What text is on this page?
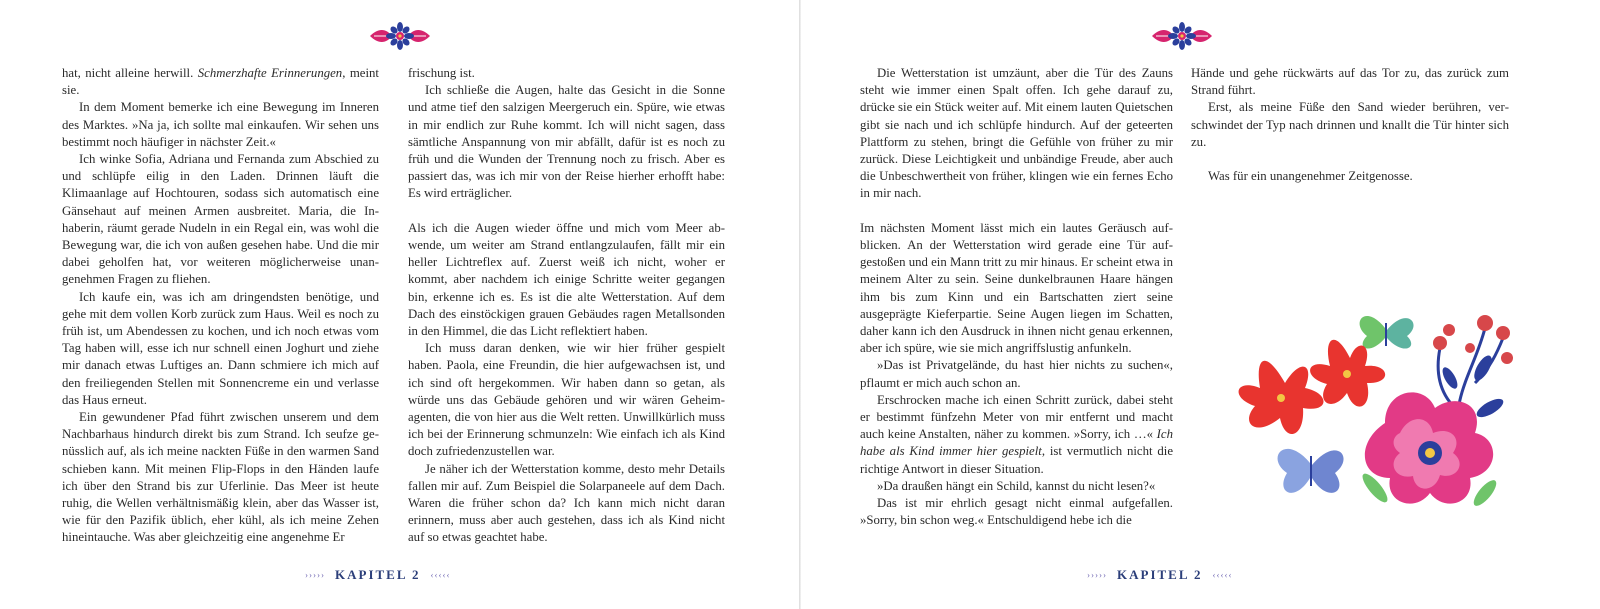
hat, nicht alleine herwill. Schmerzhafte Erinnerungen, meint sie.

In dem Moment bemerke ich eine Bewegung im Inneren des Marktes. »Na ja, ich sollte mal einkaufen. Wir sehen uns bestimmt noch häufiger in nächster Zeit.«

Ich winke Sofia, Adriana und Fernanda zum Abschied zu und schlüpfe eilig in den Laden. Drinnen läuft die Klimaanlage auf Hochtouren, sodass sich automatisch eine Gänsehaut auf meinen Armen ausbreitet. Maria, die Inhaberin, räumt gerade Nudeln in ein Regal ein, was wohl die Bewegung war, die ich von außen gesehen habe. Und die mir dabei geholfen hat, vor weiteren möglicherweise unangenehmen Fragen zu fliehen.

Ich kaufe ein, was ich am dringendsten benötige, und gehe mit dem vollen Korb zurück zum Haus. Weil es noch zu früh ist, um Abendessen zu kochen, und ich noch etwas vom Tag haben will, esse ich nur schnell einen Joghurt und ziehe mir danach etwas Luftiges an. Dann schmiere ich mich auf den freiliegenden Stellen mit Sonnencreme ein und verlasse das Haus erneut.

Ein gewundener Pfad führt zwischen unserem und dem Nachbarhaus hindurch direkt bis zum Strand. Ich seufze genüsslich auf, als ich meine nackten Füße in den warmen Sand schieben kann. Mit meinen Flip-Flops in den Händen laufe ich über den Strand bis zur Uferlinie. Das Meer ist heute ruhig, die Wellen verhältnismäßig klein, aber das Wasser ist, wie für den Pazifik üblich, eher kühl, als ich meine Zehen hineintauche. Was aber gleichzeitig eine angenehme Er

frischung ist.

Ich schließe die Augen, halte das Gesicht in die Sonne und atme tief den salzigen Meergeruch ein. Spüre, wie etwas in mir endlich zur Ruhe kommt. Ich will nicht sagen, dass sämtliche Anspannung von mir abfällt, dafür ist es noch zu früh und die Wunden der Trennung noch zu frisch. Aber es passiert das, was ich mir von der Reise hierher erhofft habe: Es wird erträglicher.

Als ich die Augen wieder öffne und mich vom Meer abwende, um weiter am Strand entlangzulaufen, fällt mir ein heller Lichtreflex auf. Zuerst weiß ich nicht, woher er kommt, aber nachdem ich einige Schritte weiter gegangen bin, erkenne ich es. Es ist die alte Wetterstation. Auf dem Dach des einstöckigen grauen Gebäudes ragen Metallsonden in den Himmel, die das Licht reflektiert haben.

Ich muss daran denken, wie wir hier früher gespielt haben. Paola, eine Freundin, die hier aufgewachsen ist, und ich sind oft hergekommen. Wir haben dann so getan, als würde uns das Gebäude gehören und wir wären Geheimagenten, die von hier aus die Welt retten. Unwillkürlich muss ich bei der Erinnerung schmunzeln: Wie einfach ich als Kind doch zufriedenzustellen war.

Je näher ich der Wetterstation komme, desto mehr Details fallen mir auf. Zum Beispiel die Solarpaneele auf dem Dach. Waren die früher schon da? Ich kann mich nicht daran erinnern, muss aber auch gestehen, dass ich als Kind nicht auf so etwas geachtet habe.

››››› KAPITEL 2 ‹‹‹‹‹

Die Wetterstation ist umzäunt, aber die Tür des Zauns steht wie immer einen Spalt offen. Ich gehe darauf zu, drücke sie ein Stück weiter auf. Mit einem lauten Quietschen gibt sie nach und ich schlüpfe hindurch. Auf der geteerten Plattform zu stehen, bringt die Gefühle von früher zu mir zurück. Diese Leichtigkeit und unbändige Freude, aber auch die Unbeschwertheit von früher, klingen wie ein fernes Echo in mir nach.

Im nächsten Moment lässt mich ein lautes Geräusch aufblicken. An der Wetterstation wird gerade eine Tür aufgestoßen und ein Mann tritt zu mir hinaus. Er scheint etwa in meinem Alter zu sein. Seine dunkelbraunen Haare hängen ihm bis zum Kinn und ein Bartschatten ziert seine ausgeprägte Kieferpartie. Seine Augen liegen im Schatten, daher kann ich den Ausdruck in ihnen nicht genau erkennen, aber ich spüre, wie sie mich angriffslustig anfunkeln.

»Das ist Privatgelände, du hast hier nichts zu suchen«, pflaumt er mich auch schon an.

Erschrocken mache ich einen Schritt zurück, dabei steht er bestimmt fünfzehn Meter von mir entfernt und macht auch keine Anstalten, näher zu kommen. »Sorry, ich …« Ich habe als Kind immer hier gespielt, ist vermutlich nicht die richtige Antwort in dieser Situation.

»Da draußen hängt ein Schild, kannst du nicht lesen?«

Das ist mir ehrlich gesagt nicht einmal aufgefallen. »Sorry, bin schon weg.« Entschuldigend hebe ich die

Hände und gehe rückwärts auf das Tor zu, das zurück zum Strand führt.

Erst, als meine Füße den Sand wieder berühren, verschwindet der Typ nach drinnen und knallt die Tür hinter sich zu.

Was für ein unangenehmer Zeitgenosse.

››››› KAPITEL 2 ‹‹‹‹‹
